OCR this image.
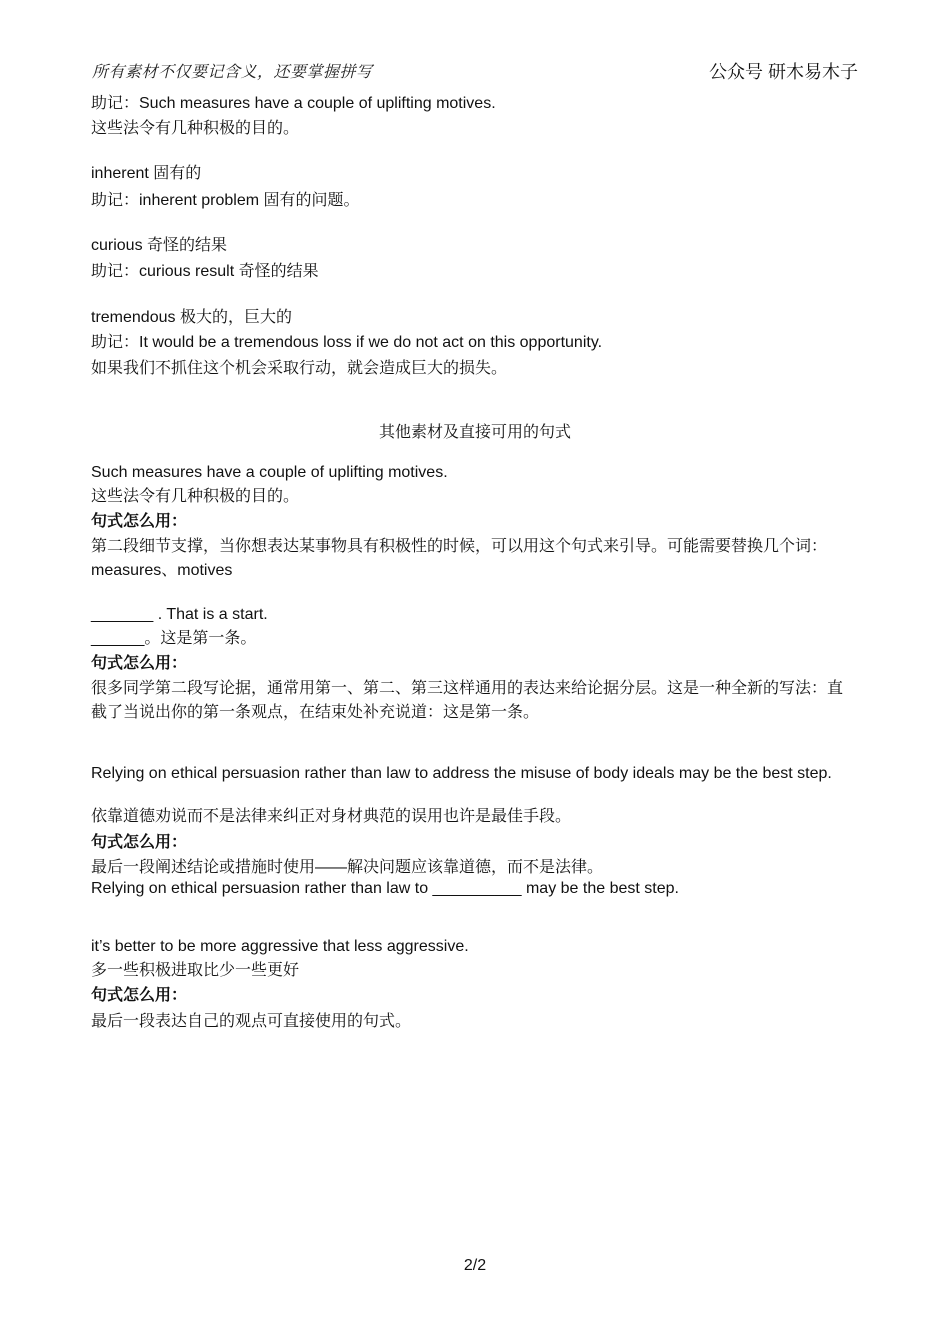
所有素材不仅要记含义，还要掌握拼写	公众号 研木易木子
助记：Such measures have a couple of uplifting motives.
这些法令有几种积极的目的。
inherent 固有的
助记：inherent problem 固有的问题。
curious 奇怪的结果
助记：curious result 奇怪的结果
tremendous 极大的，巨大的
助记：It would be a tremendous loss if we do not act on this opportunity.
如果我们不抓住这个机会采取行动，就会造成巨大的损失。
其他素材及直接可用的句式
Such measures have a couple of uplifting motives.
这些法令有几种积极的目的。
句式怎么用：
第二段细节支撑，当你想表达某事物具有积极性的时候，可以用这个句式来引导。可能需要替换几个词：measures、motives
_______ . That is a start.
______。这是第一条。
句式怎么用：
很多同学第二段写论据，通常用第一、第二、第三这样通用的表达来给论据分层。这是一种全新的写法：直截了当说出你的第一条观点，在结束处补充说道：这是第一条。
Relying on ethical persuasion rather than law to address the misuse of body ideals may be the best step.
依靠道德劝说而不是法律来纠正对身材典范的误用也许是最佳手段。
句式怎么用：
最后一段阐述结论或措施时使用——解决问题应该靠道德，而不是法律。
Relying on ethical persuasion rather than law to __________ may be the best step.
it’s better to be more aggressive that less aggressive.
多一些积极进取比少一些更好
句式怎么用：
最后一段表达自己的观点可直接使用的句式。
2/2
